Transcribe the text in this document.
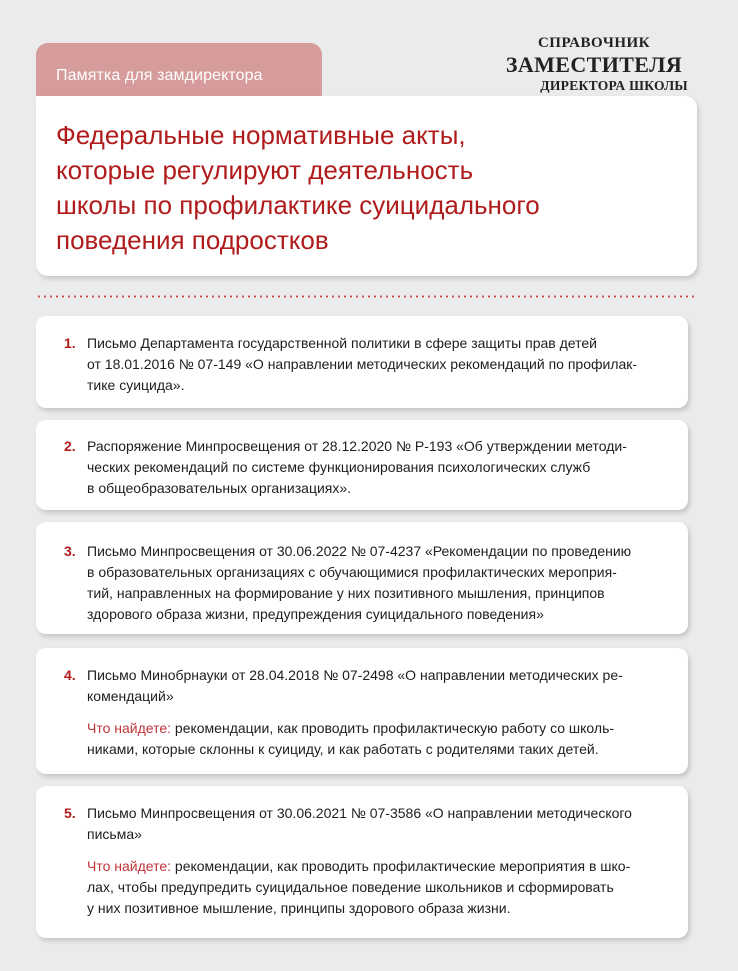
Памятка для замдиректора
СПРАВОЧНИК
ЗАМЕСТИТЕЛЯ
ДИРЕКТОРА ШКОЛЫ
Федеральные нормативные акты,
которые регулируют деятельность
школы по профилактике суицидального
поведения подростков
1. Письмо Департамента государственной политики в сфере защиты прав детей
от 18.01.2016 № 07-149 «О направлении методических рекомендаций по профилак-
тике суицида».
2. Распоряжение Минпросвещения от 28.12.2020 № Р-193 «Об утверждении методи-
ческих рекомендаций по системе функционирования психологических служб
в общеобразовательных организациях».
3. Письмо Минпросвещения от 30.06.2022 № 07-4237 «Рекомендации по проведению
в образовательных организациях с обучающимися профилактических мероприя-
тий, направленных на формирование у них позитивного мышления, принципов
здорового образа жизни, предупреждения суицидального поведения»
4. Письмо Минобрнауки от 28.04.2018 № 07-2498 «О направлении методических ре-
комендаций»
Что найдете: рекомендации, как проводить профилактическую работу со школь-
никами, которые склонны к суициду, и как работать с родителями таких детей.
5. Письмо Минпросвещения от 30.06.2021 № 07-3586 «О направлении методического
письма»
Что найдете: рекомендации, как проводить профилактические мероприятия в шко-
лах, чтобы предупредить суицидальное поведение школьников и сформировать
у них позитивное мышление, принципы здорового образа жизни.
